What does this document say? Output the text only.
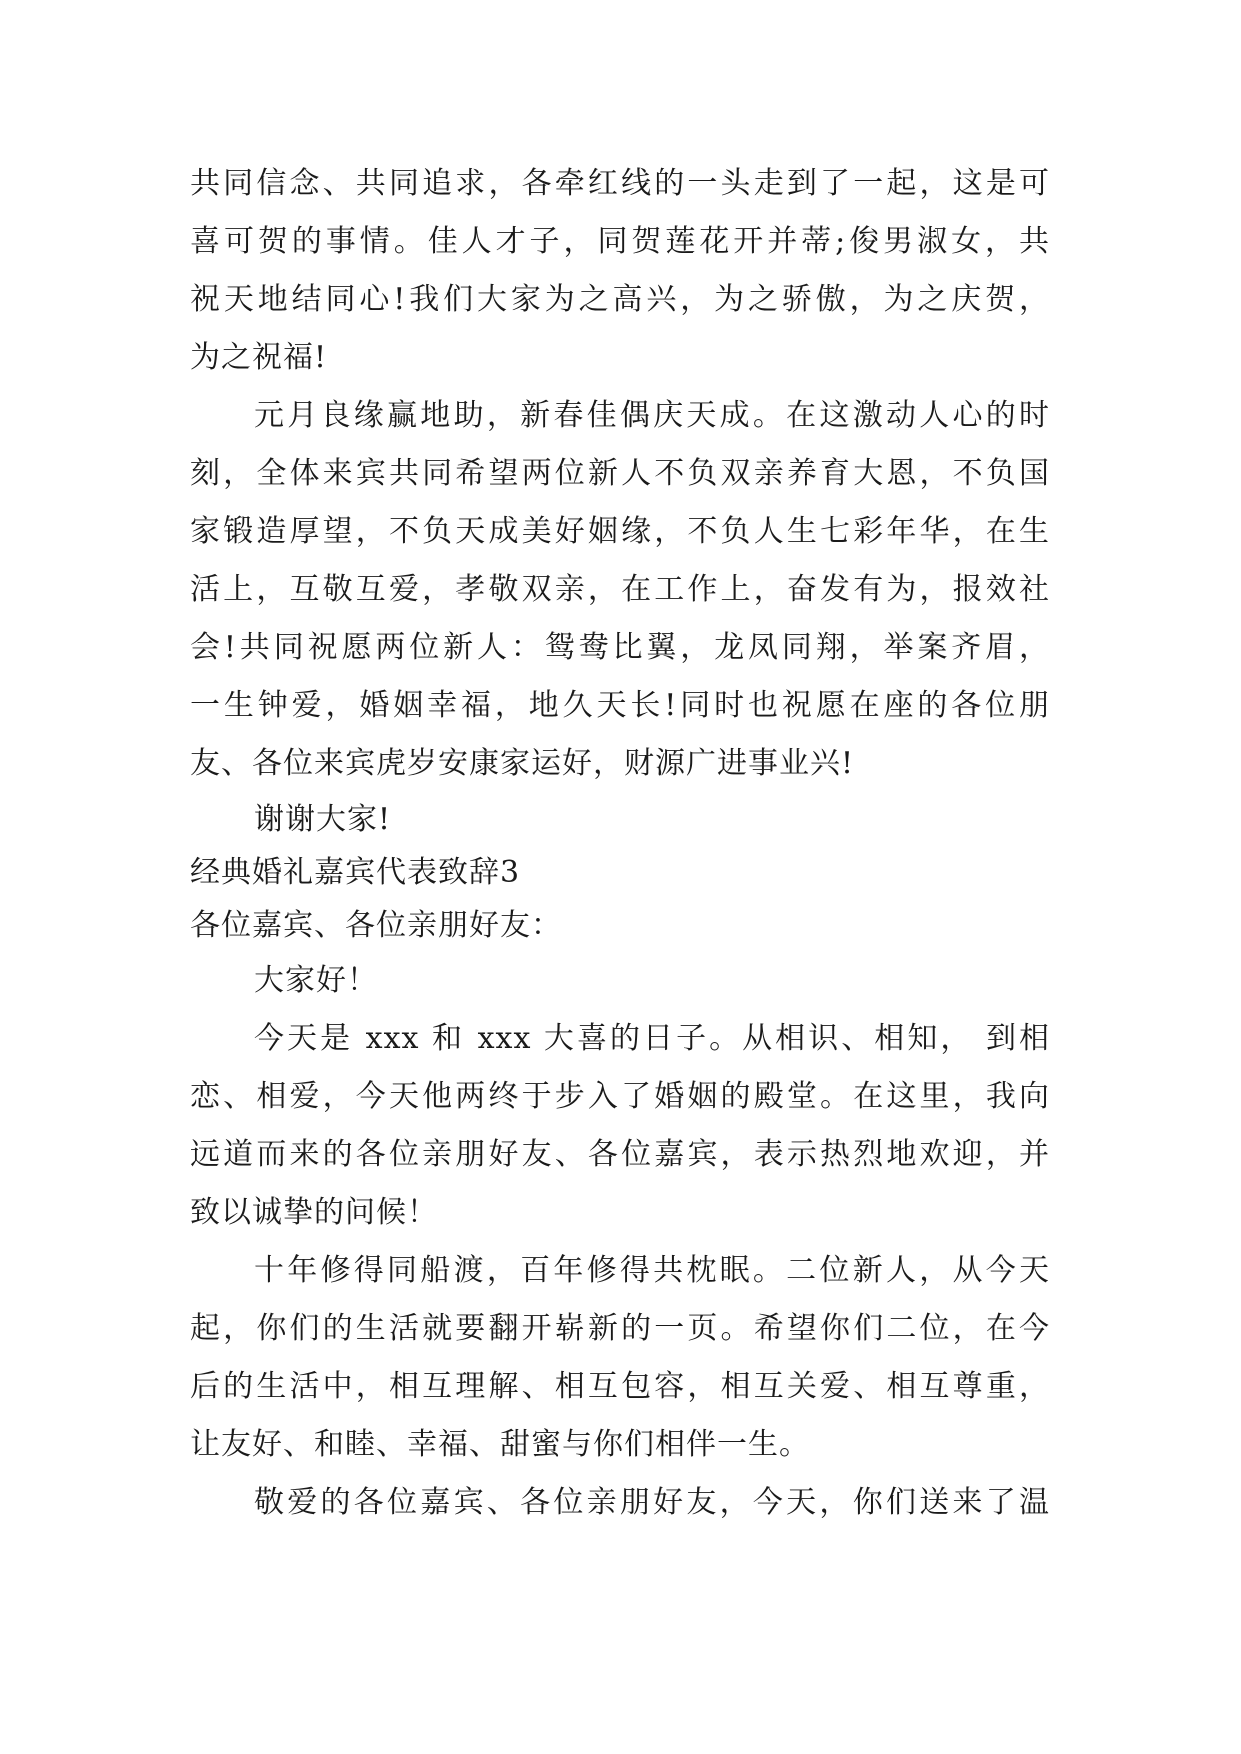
共同信念、共同追求，各牵红线的一头走到了一起，这是可
喜可贺的事情。佳人才子，同贺莲花开并蒂;俊男淑女，共
祝天地结同心!我们大家为之高兴，为之骄傲，为之庆贺，
为之祝福!
元月良缘赢地助，新春佳偶庆天成。在这激动人心的时
刻，全体来宾共同希望两位新人不负双亲养育大恩，不负国
家锻造厚望，不负天成美好姻缘，不负人生七彩年华，在生
活上，互敬互爱，孝敬双亲，在工作上，奋发有为，报效社
会!共同祝愿两位新人：鸳鸯比翼，龙凤同翔，举案齐眉，
一生钟爱，婚姻幸福，地久天长!同时也祝愿在座的各位朋
友、各位来宾虎岁安康家运好，财源广进事业兴!
谢谢大家!
经典婚礼嘉宾代表致辞3
各位嘉宾、各位亲朋好友：
大家好！
今天是 xxx 和 xxx 大喜的日子。从相识、相知， 到相
恋、相爱，今天他两终于步入了婚姻的殿堂。在这里，我向
远道而来的各位亲朋好友、各位嘉宾，表示热烈地欢迎，并
致以诚挚的问候！
十年修得同船渡，百年修得共枕眠。二位新人，从今天
起，你们的生活就要翻开崭新的一页。希望你们二位，在今
后的生活中，相互理解、相互包容，相互关爱、相互尊重，
让友好、和睦、幸福、甜蜜与你们相伴一生。
敬爱的各位嘉宾、各位亲朋好友，今天，你们送来了温
